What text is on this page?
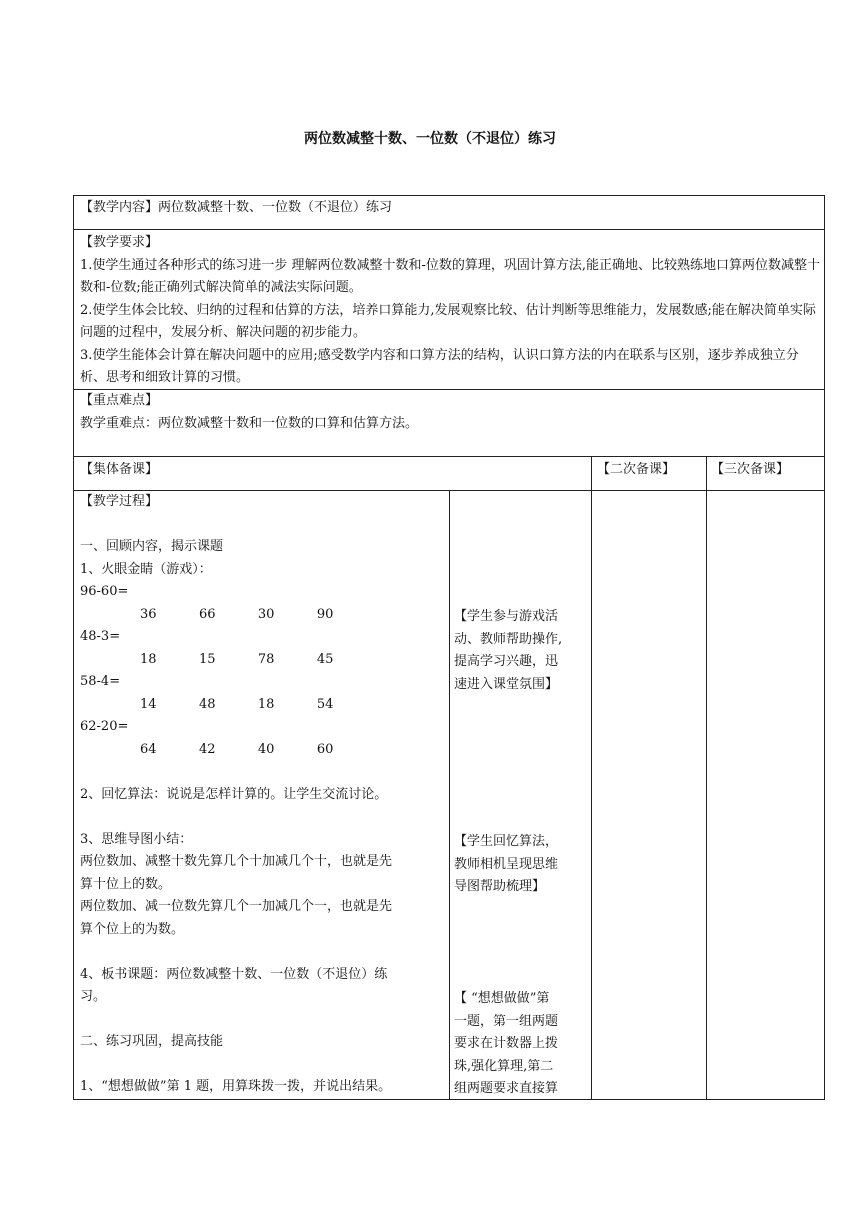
两位数减整十数、一位数（不退位）练习
【教学内容】两位数减整十数、一位数（不退位）练习

【教学要求】

1.使学生通过各种形式的练习进一步 理解两位数减整十数和-位数的算理，巩固计算方法,能正确地、比较熟练地口算两位数减整十数和-位数;能正确列式解决简单的减法实际问题。

2.使学生体会比较、归纳的过程和估算的方法，培养口算能力,发展观察比较、估计判断等思维能力，发展数感;能在解决简单实际问题的过程中，发展分析、解决问题的初步能力。

3.使学生能体会计算在解决问题中的应用;感受数学内容和口算方法的结构，认识口算方法的内在联系与区别，逐步养成独立分析、思考和细致计算的习惯。

【重点难点】

教学重难点：两位数减整十数和一位数的口算和估算方法。

【集体备课】	【二次备课】	【三次备课】

【教学过程】

一、回顾内容，揭示课题

1、火眼金睛（游戏）：

96-60=

36   66   30   90

48-3=

18   15   78   45

58-4=

14   48   18   54

62-20=

64   42   40   60

2、回忆算法：说说是怎样计算的。让学生交流讨论。

3、思维导图小结：

两位数加、减整十数先算几个十加减几个十，也就是先

算十位上的数。

两位数加、减一位数先算几个一加减几个一，也就是先

算个位上的为数。

4、板书课题：两位数减整十数、一位数（不退位）练

习。

二、练习巩固，提高技能

1、“想想做做”第 1 题，用算珠拨一拨，并说出结果。

【学生参与游戏活

动、教师帮助操作,

提高学习兴趣，迅

速进入课堂氛围】

【学生回忆算法，

教师相机呈现思维

导图帮助梳理】

【 “想想做做”第

一题，第一组两题

要求在计数器上拨

珠,强化算理,第二

组两题要求直接算
